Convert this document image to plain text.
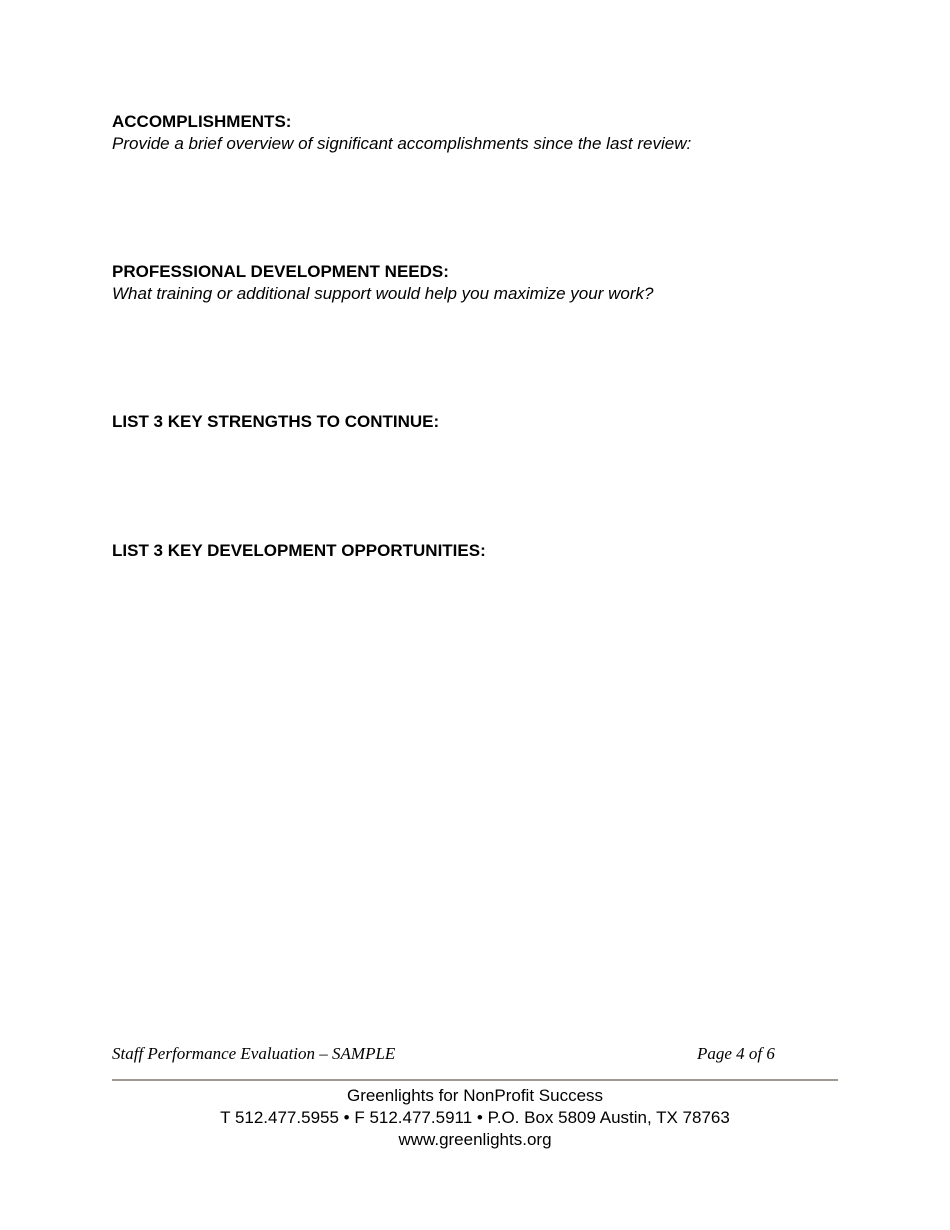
ACCOMPLISHMENTS:

Provide a brief overview of significant accomplishments since the last review:

PROFESSIONAL DEVELOPMENT NEEDS:

What training or additional support would help you maximize your work?

LIST 3 KEY STRENGTHS TO CONTINUE:

LIST 3 KEY DEVELOPMENT OPPORTUNITIES:

Staff Performance Evaluation – SAMPLE	Page 4 of 6
Greenlights for NonProfit Success
T 512.477.5955 • F 512.477.5911 • P.O. Box 5809 Austin, TX 78763
www.greenlights.org
